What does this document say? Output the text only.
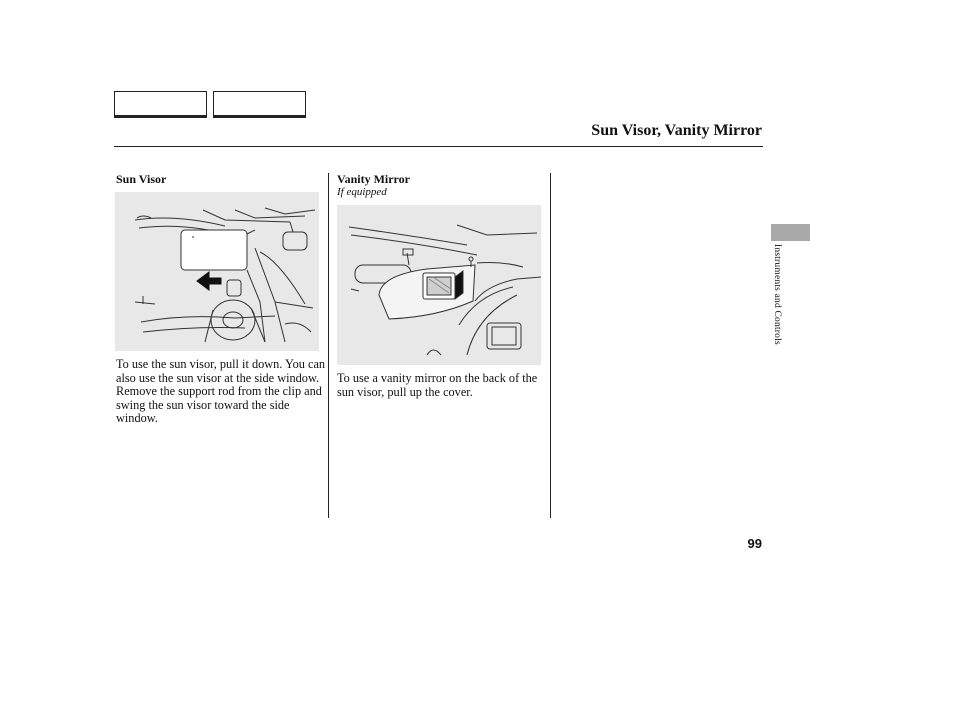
Sun Visor, Vanity Mirror
Sun Visor
To use the sun visor, pull it down. You can also use the sun visor at the side window. Remove the support rod from the clip and swing the sun visor toward the side window.
Vanity Mirror
If equipped
To use a vanity mirror on the back of the sun visor, pull up the cover.
Instruments and Controls
99
